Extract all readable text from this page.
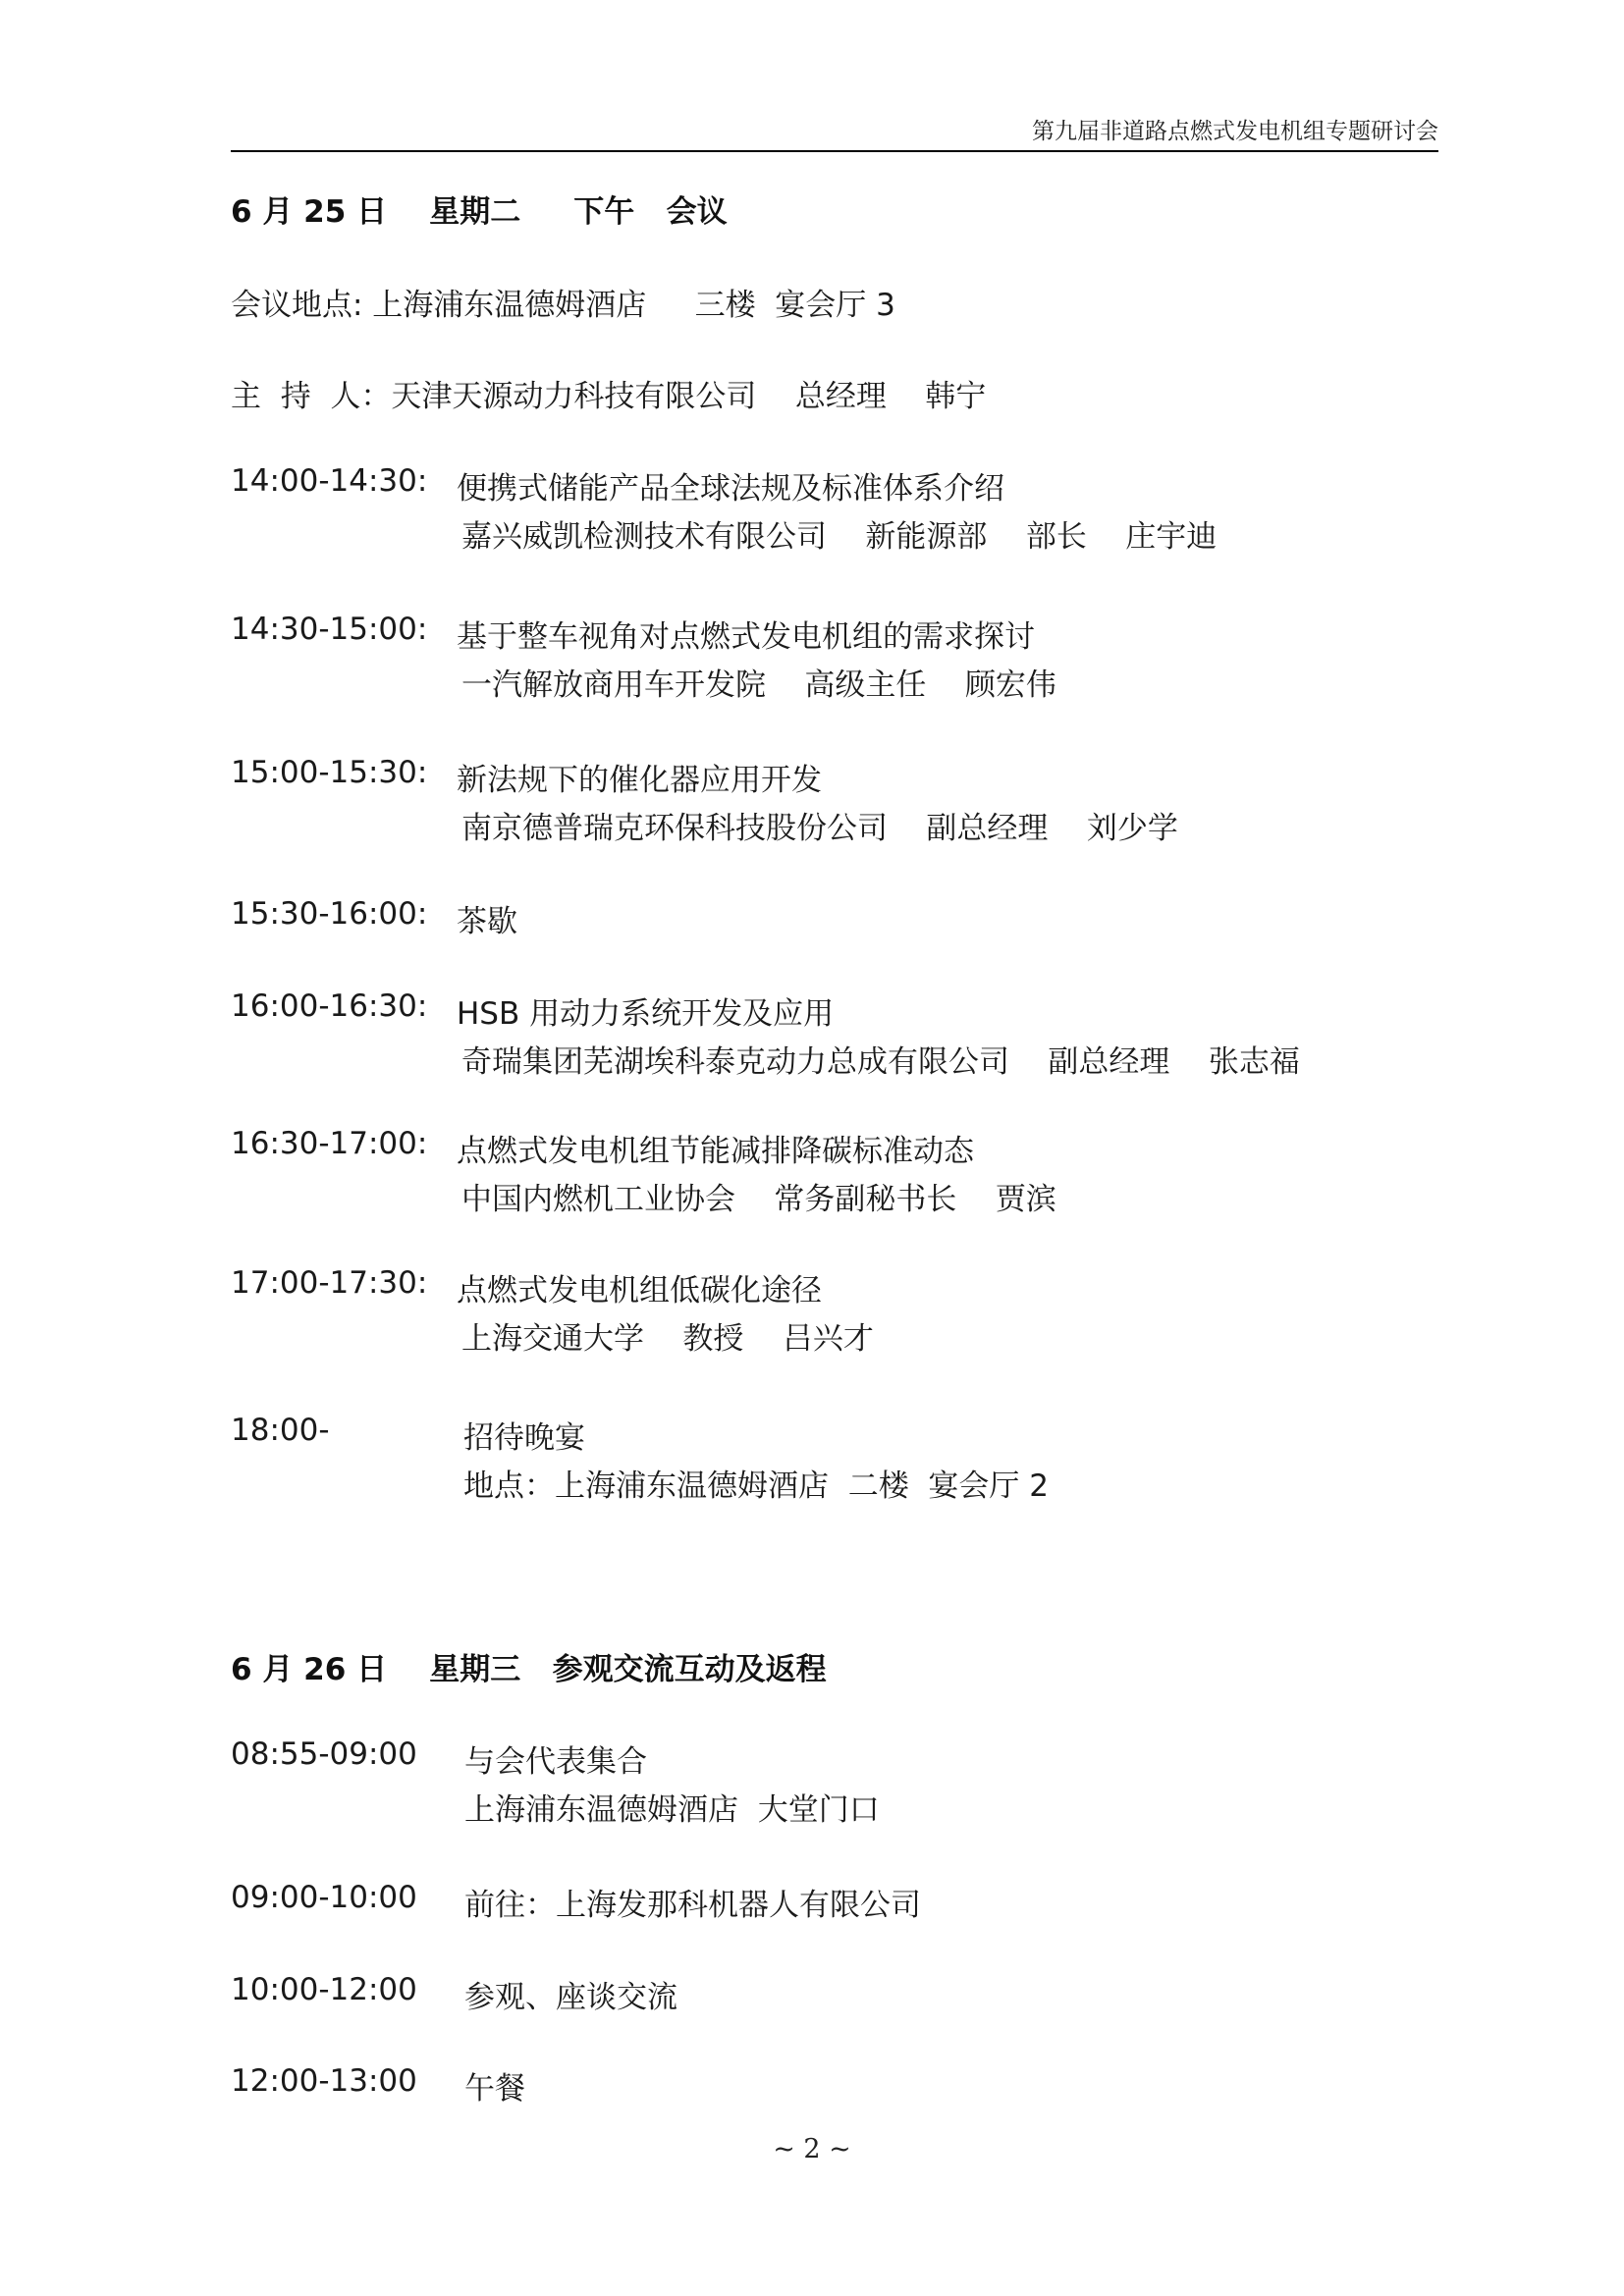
第九届非道路点燃式发电机组专题研讨会
6 月 25 日    星期二     下午   会议
会议地点: 上海浦东温德姆酒店     三楼  宴会厅 3
主  持  人：天津天源动力科技有限公司    总经理    韩宁
14:00-14:30: 便携式储能产品全球法规及标准体系介绍
嘉兴威凯检测技术有限公司    新能源部    部长    庄宇迪
14:30-15:00: 基于整车视角对点燃式发电机组的需求探讨
一汽解放商用车开发院    高级主任    顾宏伟
15:00-15:30: 新法规下的催化器应用开发
南京德普瑞克环保科技股份公司    副总经理    刘少学
15:30-16:00: 茶歇
16:00-16:30: HSB 用动力系统开发及应用
奇瑞集团芜湖埃科泰克动力总成有限公司    副总经理    张志福
16:30-17:00: 点燃式发电机组节能减排降碳标准动态
中国内燃机工业协会    常务副秘书长    贾滨
17:00-17:30: 点燃式发电机组低碳化途径
上海交通大学    教授    吕兴才
18:00-	招待晚宴
地点：上海浦东温德姆酒店  二楼  宴会厅 2
6 月 26 日    星期三   参观交流互动及返程
08:55-09:00 与会代表集合
上海浦东温德姆酒店  大堂门口
09:00-10:00 前往：上海发那科机器人有限公司
10:00-12:00 参观、座谈交流
12:00-13:00 午餐
~ 2 ~
